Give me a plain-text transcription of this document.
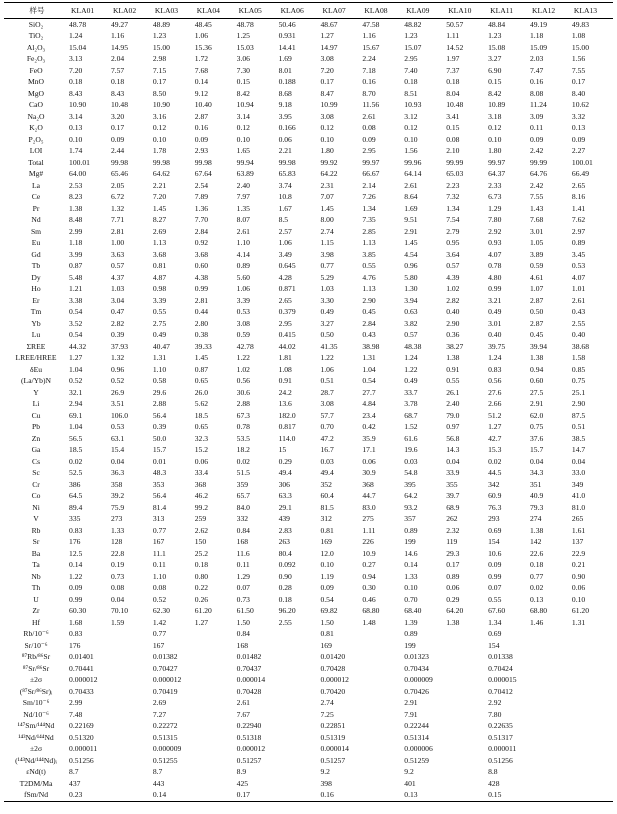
样号	KLA01	KLA02	KLA03	KLA04	KLA05	KLA06	KLA07	KLA08	KLA09	KLA10	KLA11	KLA12	KLA13
SiO₂	48.78	49.27	48.89	48.45	48.78	50.46	48.67	47.58	48.82	50.57	48.84	49.19	49.83
TiO₂	1.24	1.16	1.23	1.06	1.25	0.931	1.27	1.16	1.23	1.11	1.23	1.18	1.08
Al₂O₃	15.04	14.95	15.00	15.36	15.03	14.41	14.97	15.67	15.07	14.52	15.08	15.09	15.00
Fe₂O₃	3.13	2.04	2.98	1.72	3.06	1.69	3.08	2.24	2.95	1.97	3.27	2.03	1.56
FeO	7.20	7.57	7.15	7.68	7.30	8.01	7.20	7.18	7.40	7.37	6.90	7.47	7.55
MnO	0.18	0.18	0.17	0.14	0.15	0.188	0.17	0.16	0.18	0.18	0.15	0.16	0.17
MgO	8.43	8.43	8.50	9.12	8.42	8.68	8.47	8.70	8.51	8.04	8.42	8.08	8.40
CaO	10.90	10.48	10.90	10.40	10.94	9.18	10.99	11.56	10.93	10.48	10.89	11.24	10.62
Na₂O	3.14	3.20	3.16	2.87	3.14	3.95	3.08	2.61	3.12	3.41	3.18	3.09	3.32
K₂O	0.13	0.17	0.12	0.16	0.12	0.166	0.12	0.08	0.12	0.15	0.12	0.11	0.13
P₂O₅	0.10	0.09	0.10	0.09	0.10	0.06	0.10	0.09	0.10	0.08	0.10	0.09	0.09
LOI	1.74	2.44	1.78	2.93	1.65	2.21	1.80	2.95	1.56	2.10	1.80	2.42	2.27
Total	100.01	99.98	99.98	99.98	99.94	99.98	99.92	99.97	99.96	99.99	99.97	99.99	100.01
Mg#	64.00	65.46	64.62	67.64	63.89	65.83	64.22	66.67	64.14	65.03	64.37	64.76	66.49
La	2.53	2.05	2.21	2.54	2.40	3.74	2.31	2.14	2.61	2.23	2.33	2.42	2.65
Ce	8.23	6.72	7.20	7.89	7.97	10.8	7.07	7.26	8.64	7.32	6.73	7.55	8.16
Pr	1.38	1.32	1.45	1.36	1.35	1.67	1.45	1.34	1.69	1.34	1.29	1.43	1.41
Nd	8.48	7.71	8.27	7.70	8.07	8.5	8.00	7.35	9.51	7.54	7.80	7.68	7.62
Sm	2.99	2.81	2.69	2.84	2.61	2.57	2.74	2.85	2.91	2.79	2.92	3.01	2.97
Eu	1.18	1.00	1.13	0.92	1.10	1.06	1.15	1.13	1.45	0.95	0.93	1.05	0.89
Gd	3.99	3.63	3.68	3.68	4.14	3.49	3.98	3.85	4.54	3.64	4.07	3.89	3.45
Tb	0.87	0.57	0.81	0.60	0.89	0.645	0.77	0.55	0.96	0.57	0.78	0.59	0.53
Dy	5.48	4.37	4.87	4.38	5.60	4.28	5.29	4.76	5.80	4.39	4.80	4.61	4.07
Ho	1.21	1.03	0.98	0.99	1.06	0.871	1.03	1.13	1.30	1.02	0.99	1.07	1.01
Er	3.38	3.04	3.39	2.81	3.39	2.65	3.30	2.90	3.94	2.82	3.21	2.87	2.61
Tm	0.54	0.47	0.55	0.44	0.53	0.379	0.49	0.45	0.63	0.40	0.49	0.50	0.43
Yb	3.52	2.82	2.75	2.80	3.08	2.95	3.27	2.84	3.82	2.90	3.01	2.87	2.55
Lu	0.54	0.39	0.49	0.38	0.59	0.415	0.50	0.43	0.57	0.36	0.40	0.45	0.40
ΣREE	44.32	37.93	40.47	39.33	42.78	44.02	41.35	38.98	48.38	38.27	39.75	39.94	38.68
LREE/HREE	1.27	1.32	1.31	1.45	1.22	1.81	1.22	1.31	1.24	1.38	1.24	1.38	1.58
δEu	1.04	0.96	1.10	0.87	1.02	1.08	1.06	1.04	1.22	0.91	0.83	0.94	0.85
(La/Yb)N	0.52	0.52	0.58	0.65	0.56	0.91	0.51	0.54	0.49	0.55	0.56	0.60	0.75
Y	32.1	26.9	29.6	26.0	30.6	24.2	28.7	27.7	33.7	26.1	27.6	27.5	25.1
Li	2.94	3.51	2.88	5.62	2.88	13.6	3.08	4.84	3.78	2.40	2.66	2.91	2.90
Cu	69.1	106.0	56.4	18.5	67.3	182.0	57.7	23.4	68.7	79.0	51.2	62.0	87.5
Pb	1.04	0.53	0.39	0.65	0.78	0.817	0.70	0.42	1.52	0.97	1.27	0.75	0.51
Zn	56.5	63.1	50.0	32.3	53.5	114.0	47.2	35.9	61.6	56.8	42.7	37.6	38.5
Ga	18.5	15.4	15.7	15.2	18.2	15	16.7	17.1	19.6	14.3	15.3	15.7	14.7
Cs	0.02	0.04	0.01	0.06	0.02	0.29	0.03	0.06	0.03	0.04	0.02	0.04	0.04
Sc	52.5	36.3	48.3	33.4	51.5	49.4	49.4	30.9	54.8	33.9	44.5	34.3	33.0
Cr	386	358	353	368	359	306	352	368	395	355	342	351	349
Co	64.5	39.2	56.4	46.2	65.7	63.3	60.4	44.7	64.2	39.7	60.9	40.9	41.0
Ni	89.4	75.9	81.4	99.2	84.0	29.1	81.5	83.0	93.2	68.9	76.3	79.3	81.0
V	335	273	313	259	332	439	312	275	357	262	293	274	265
Rb	0.83	1.33	0.77	2.62	0.84	2.83	0.81	1.11	0.89	2.32	0.69	1.38	1.61
Sr	176	128	167	150	168	263	169	226	199	119	154	142	137
Ba	12.5	22.8	11.1	25.2	11.6	80.4	12.0	10.9	14.6	29.3	10.6	22.6	22.9
Ta	0.14	0.19	0.11	0.18	0.11	0.092	0.10	0.27	0.14	0.17	0.09	0.18	0.21
Nb	1.22	0.73	1.10	0.80	1.29	0.90	1.19	0.94	1.33	0.89	0.99	0.77	0.90
Th	0.09	0.08	0.08	0.22	0.07	0.28	0.09	0.30	0.10	0.06	0.07	0.02	0.06
U	0.99	0.04	0.52	0.26	0.73	0.18	0.54	0.46	0.70	0.29	0.55	0.13	0.10
Zr	60.30	70.10	62.30	61.20	61.50	96.20	69.82	68.80	68.40	64.20	67.60	68.80	61.20
Hf	1.68	1.59	1.42	1.27	1.50	2.55	1.50	1.48	1.39	1.38	1.34	1.46	1.31
Rb/10⁻⁶	0.83		0.77		0.84		0.81		0.89		0.69		
Sr/10⁻⁶	176		167		168		169		199		154		
⁸⁷Rb/⁸⁶Sr	0.01401		0.01382		0.01482		0.01420		0.01323		0.01338		
⁸⁷Sr/⁸⁶Sr	0.70441		0.70427		0.70437		0.70428		0.70434		0.70424		
±2σ	0.000012		0.000012		0.000014		0.000012		0.000009		0.000015		
(⁸⁷Sr/⁸⁶Sr)ᵢ	0.70433		0.70419		0.70428		0.70420		0.70426		0.70412		
Sm/10⁻⁶	2.99		2.69		2.61		2.74		2.91		2.92		
Nd/10⁻⁶	7.48		7.27		7.67		7.25		7.91		7.80		
¹⁴⁷Sm/¹⁴⁴Nd	0.22169		0.22272		0.22940		0.22851		0.22244		0.22635		
¹⁴³Nd/¹⁴⁴Nd	0.51320		0.51315		0.51318		0.51319		0.51314		0.51317		
±2σ	0.000011		0.000009		0.000012		0.000014		0.000006		0.000011		
(¹⁴³Nd/¹⁴⁴Nd)ᵢ	0.51256		0.51255		0.51257		0.51257		0.51259		0.51256		
εNd(t)	8.7		8.7		8.9		9.2		9.2		8.8		
T2DM/Ma	437		443		425		398		401		428		
fSm/Nd	0.23		0.14		0.17		0.16		0.13		0.15		
